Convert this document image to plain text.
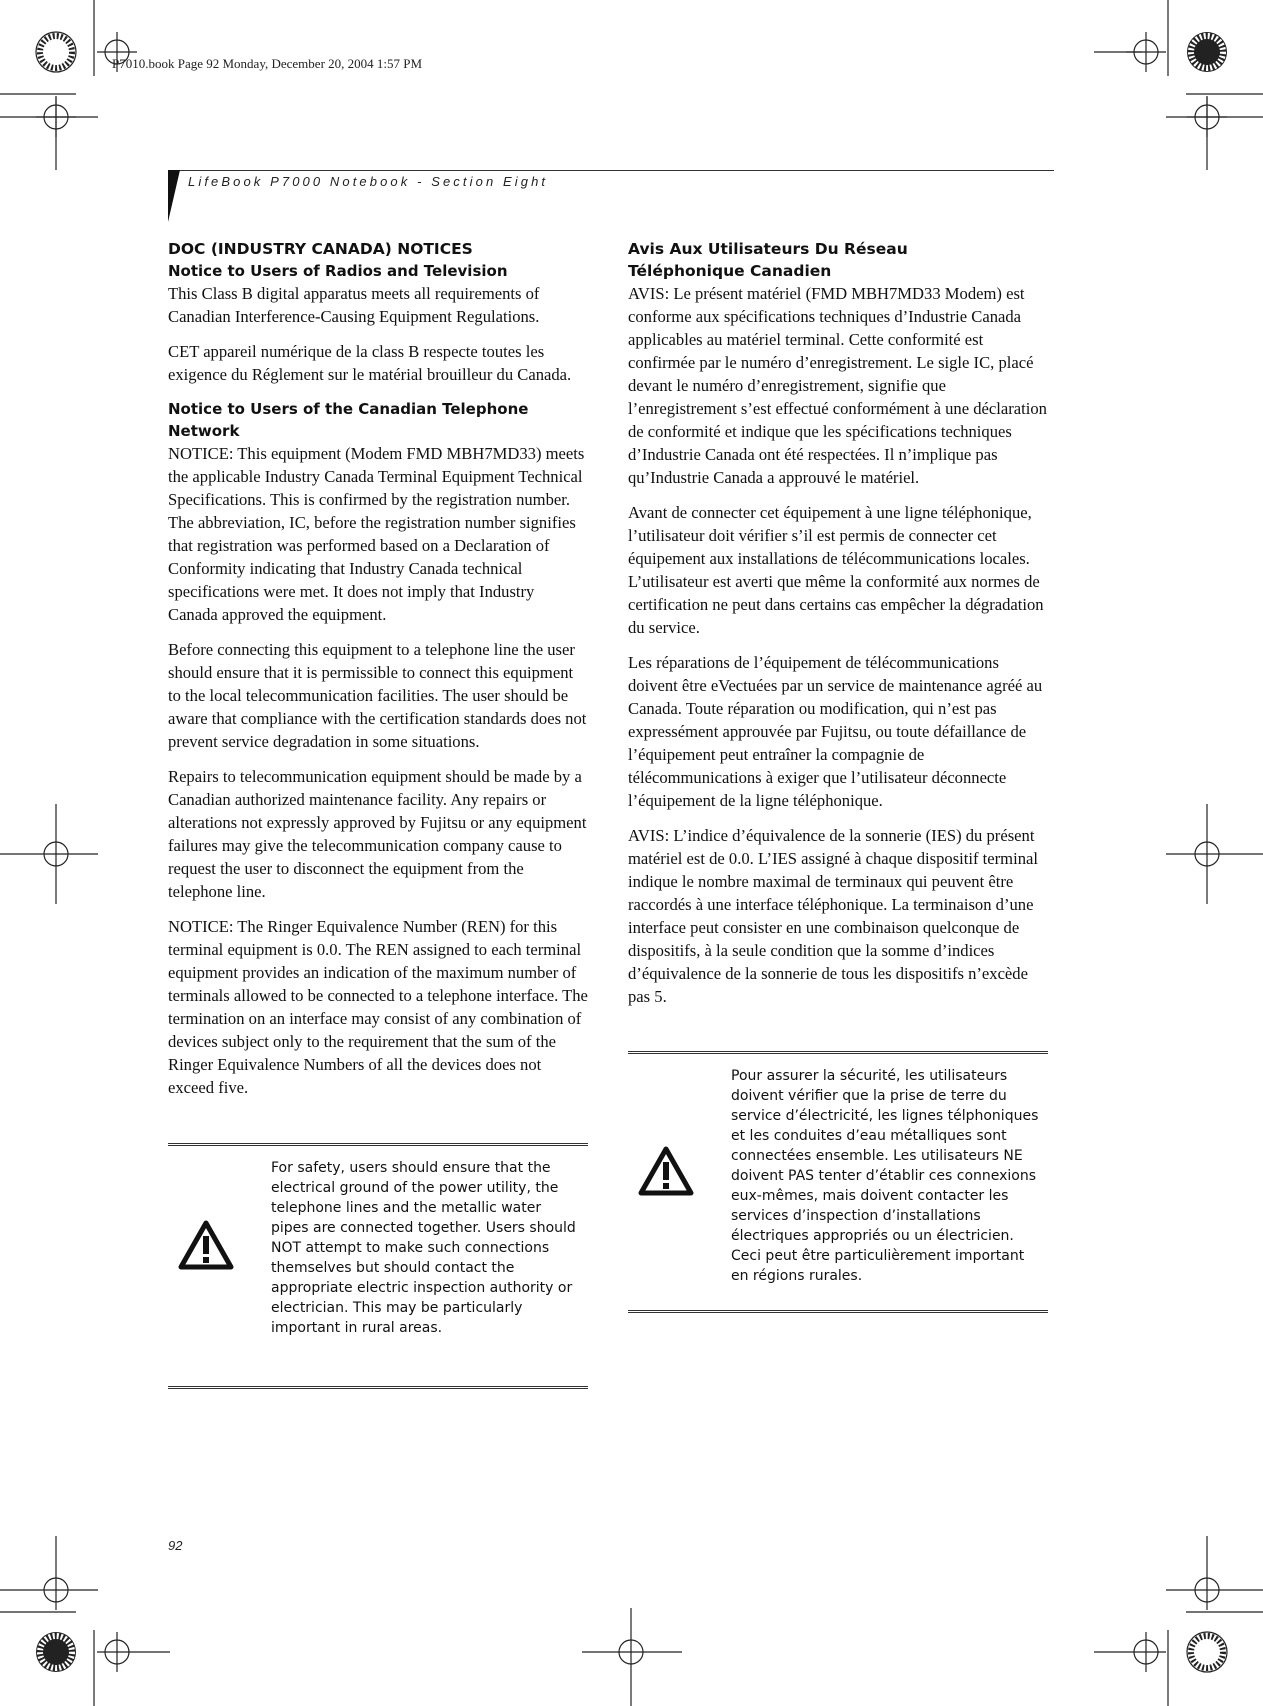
P7010.book Page 92 Monday, December 20, 2004 1:57 PM
LifeBook P7000 Notebook - Section Eight
DOC (INDUSTRY CANADA) NOTICES
Notice to Users of Radios and Television

This Class B digital apparatus meets all requirements of Canadian Interference-Causing Equipment Regulations.

CET appareil numérique de la class B respecte toutes les exigence du Réglement sur le matérial brouilleur du Canada.

Notice to Users of the Canadian Telephone Network

NOTICE: This equipment (Modem FMD MBH7MD33) meets the applicable Industry Canada Terminal Equipment Technical Specifications. This is confirmed by the registration number. The abbreviation, IC, before the registration number signifies that registration was performed based on a Declaration of Conformity indicating that Industry Canada technical specifications were met. It does not imply that Industry Canada approved the equipment.

Before connecting this equipment to a telephone line the user should ensure that it is permissible to connect this equipment to the local telecommunication facilities. The user should be aware that compliance with the certification standards does not prevent service degradation in some situations.

Repairs to telecommunication equipment should be made by a Canadian authorized maintenance facility. Any repairs or alterations not expressly approved by Fujitsu or any equipment failures may give the telecommunication company cause to request the user to disconnect the equipment from the telephone line.

NOTICE: The Ringer Equivalence Number (REN) for this terminal equipment is 0.0. The REN assigned to each terminal equipment provides an indication of the maximum number of terminals allowed to be connected to a telephone interface. The termination on an interface may consist of any combination of devices subject only to the requirement that the sum of the Ringer Equivalence Numbers of all the devices does not exceed five.

For safety, users should ensure that the electrical ground of the power utility, the telephone lines and the metallic water pipes are connected together. Users should NOT attempt to make such connections themselves but should contact the appropriate electric inspection authority or electrician. This may be particularly important in rural areas.
Avis Aux Utilisateurs Du Réseau
Téléphonique Canadien

AVIS: Le présent matériel (FMD MBH7MD33 Modem) est conforme aux spécifications techniques d’Industrie Canada applicables au matériel terminal. Cette conformité est confirmée par le numéro d’enregistrement. Le sigle IC, placé devant le numéro d’enregistrement, signifie que l’enregistrement s’est effectué conformément à une déclaration de conformité et indique que les spécifications techniques d’Industrie Canada ont été respectées. Il n’implique pas qu’Industrie Canada a approuvé le matériel.

Avant de connecter cet équipement à une ligne téléphonique, l’utilisateur doit vérifier s’il est permis de connecter cet équipement aux installations de télécommunications locales. L’utilisateur est averti que même la conformité aux normes de certification ne peut dans certains cas empêcher la dégradation du service.

Les réparations de l’équipement de télécommunications doivent être eVectuées par un service de maintenance agréé au Canada. Toute réparation ou modification, qui n’est pas expressément approuvée par Fujitsu, ou toute défaillance de l’équipement peut entraîner la compagnie de télécommunications à exiger que l’utilisateur déconnecte l’équipement de la ligne téléphonique.

AVIS: L’indice d’équivalence de la sonnerie (IES) du présent matériel est de 0.0. L’IES assigné à chaque dispositif terminal indique le nombre maximal de terminaux qui peuvent être raccordés à une interface téléphonique. La terminaison d’une interface peut consister en une combinaison quelconque de dispositifs, à la seule condition que la somme d’indices d’équivalence de la sonnerie de tous les dispositifs n’excède pas 5.

Pour assurer la sécurité, les utilisateurs doivent vérifier que la prise de terre du service d’électricité, les lignes télphoniques et les conduites d’eau métalliques sont connectées ensemble. Les utilisateurs NE doivent PAS tenter d’établir ces connexions eux-mêmes, mais doivent contacter les services d’inspection d’installations électriques appropriés ou un électricien. Ceci peut être particulièrement important en régions rurales.
92
